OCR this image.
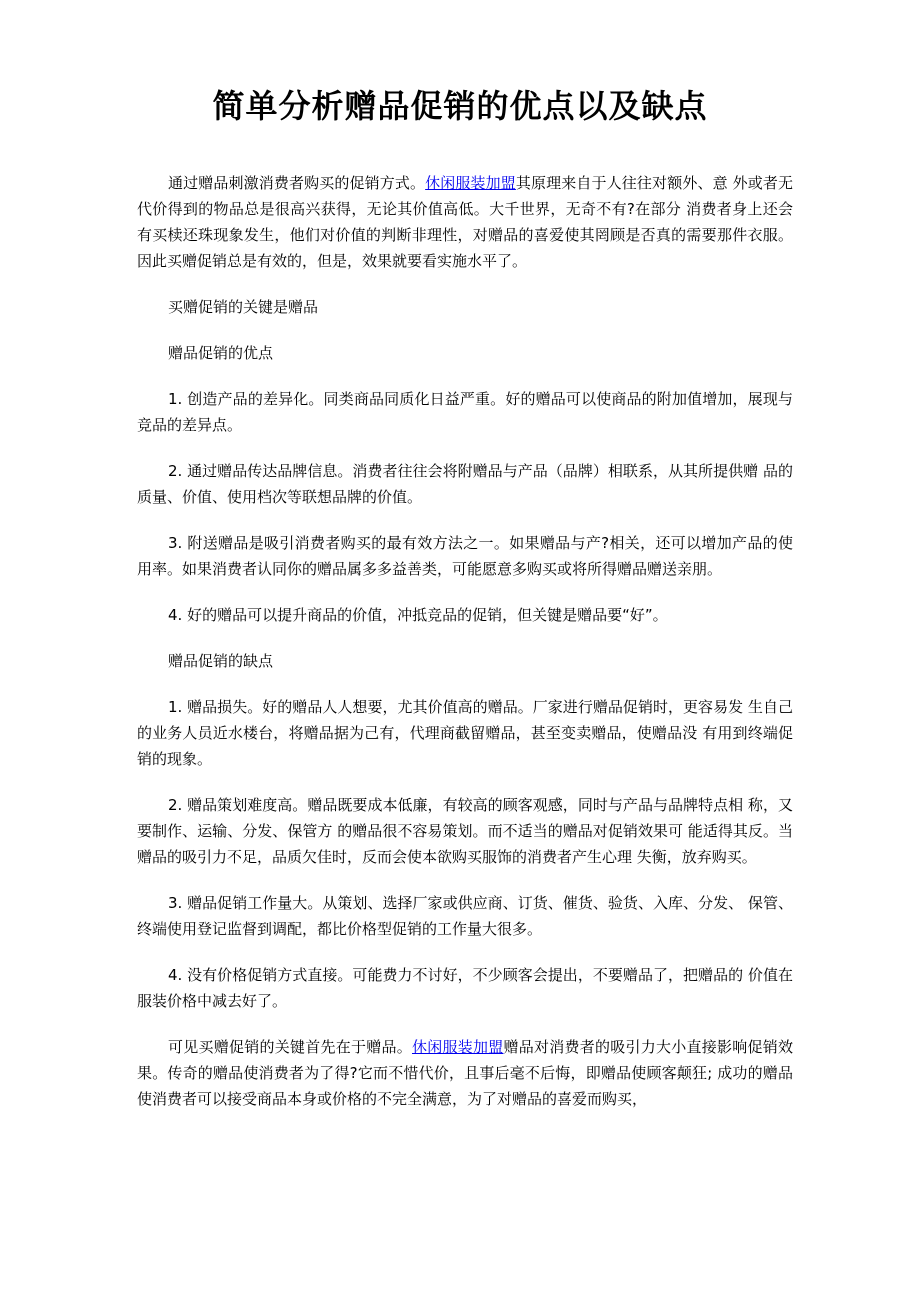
简单分析赠品促销的优点以及缺点

通过赠品刺激消费者购买的促销方式。休闲服装加盟其原理来自于人往往对额外、意 外或者无代价得到的物品总是很高兴获得，无论其价值高低。大千世界，无奇不有?在部分 消费者身上还会有买椟还珠现象发生，他们对价值的判断非理性，对赠品的喜爱使其罔顾是否真的需要那件衣服。因此买赠促销总是有效的，但是，效果就要看实施水平了。

买赠促销的关键是赠品

赠品促销的优点

1. 创造产品的差异化。同类商品同质化日益严重。好的赠品可以使商品的附加值增加，展现与竞品的差异点。

2. 通过赠品传达品牌信息。消费者往往会将附赠品与产品（品牌）相联系，从其所提供赠 品的质量、价值、使用档次等联想品牌的价值。

3. 附送赠品是吸引消费者购买的最有效方法之一。如果赠品与产?相关，还可以增加产品的使用率。如果消费者认同你的赠品属多多益善类，可能愿意多购买或将所得赠品赠送亲朋。

4. 好的赠品可以提升商品的价值，冲抵竞品的促销，但关键是赠品要“好”。

赠品促销的缺点

1. 赠品损失。好的赠品人人想要，尤其价值高的赠品。厂家进行赠品促销时，更容易发 生自己的业务人员近水楼台，将赠品据为己有，代理商截留赠品，甚至变卖赠品，使赠品没 有用到终端促销的现象。

2. 赠品策划难度高。赠品既要成本低廉，有较高的顾客观感，同时与产品与品牌特点相 称，又要制作、运输、分发、保管方 的赠品很不容易策划。而不适当的赠品对促销效果可 能适得其反。当赠品的吸引力不足，品质欠佳时，反而会使本欲购买服饰的消费者产生心理 失衡，放弃购买。

3. 赠品促销工作量大。从策划、选择厂家或供应商、订货、催货、验货、入库、分发、 保管、终端使用登记监督到调配，都比价格型促销的工作量大很多。

4. 没有价格促销方式直接。可能费力不讨好，不少顾客会提出，不要赠品了，把赠品的 价值在服装价格中减去好了。

可见买赠促销的关键首先在于赠品。休闲服装加盟赠品对消费者的吸引力大小直接影响促销效果。传奇的赠品使消费者为了得?它而不惜代价，且事后毫不后悔，即赠品使顾客颠狂; 成功的赠品使消费者可以接受商品本身或价格的不完全满意，为了对赠品的喜爱而购买，
